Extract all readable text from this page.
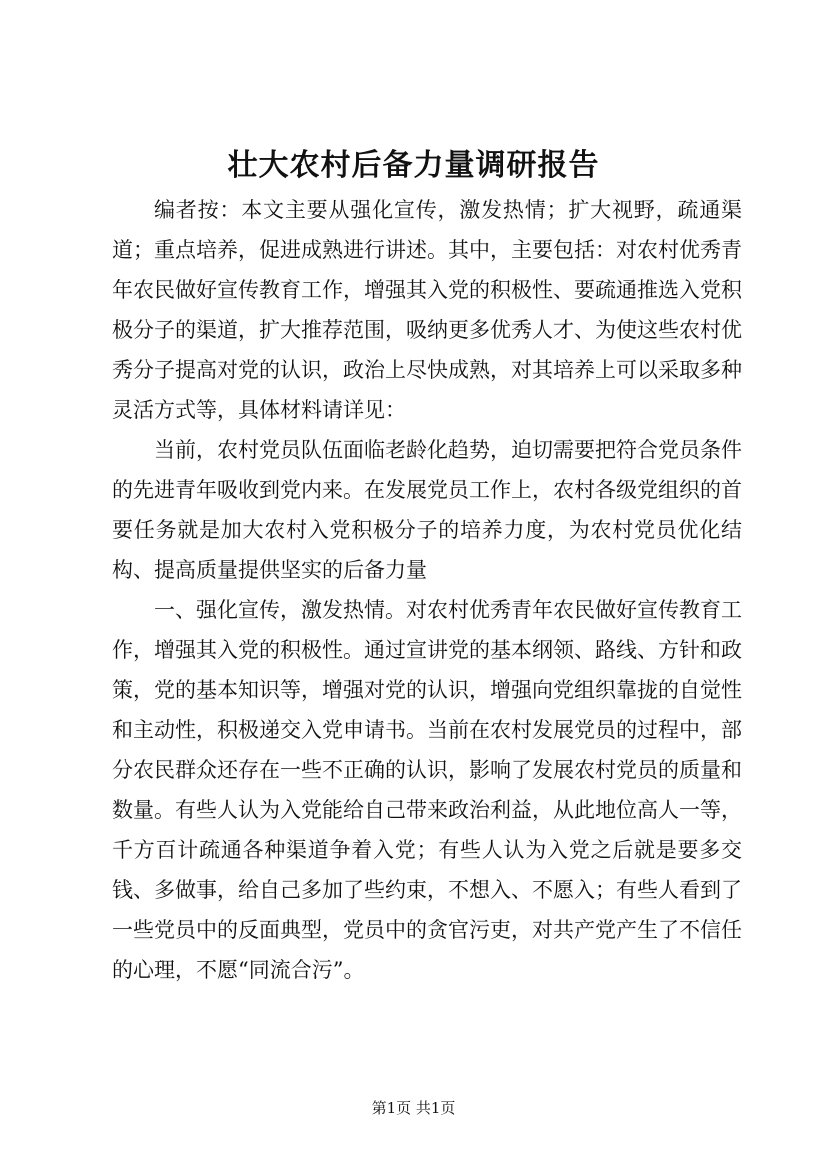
壮大农村后备力量调研报告

编者按：本文主要从强化宣传，激发热情；扩大视野，疏通渠道；重点培养，促进成熟进行讲述。其中，主要包括：对农村优秀青年农民做好宣传教育工作，增强其入党的积极性、要疏通推选入党积极分子的渠道，扩大推荐范围，吸纳更多优秀人才、为使这些农村优秀分子提高对党的认识，政治上尽快成熟，对其培养上可以采取多种灵活方式等，具体材料请详见：

当前，农村党员队伍面临老龄化趋势，迫切需要把符合党员条件的先进青年吸收到党内来。在发展党员工作上，农村各级党组织的首要任务就是加大农村入党积极分子的培养力度，为农村党员优化结构、提高质量提供坚实的后备力量

一、强化宣传，激发热情。对农村优秀青年农民做好宣传教育工作，增强其入党的积极性。通过宣讲党的基本纲领、路线、方针和政策，党的基本知识等，增强对党的认识，增强向党组织靠拢的自觉性和主动性，积极递交入党申请书。当前在农村发展党员的过程中，部分农民群众还存在一些不正确的认识，影响了发展农村党员的质量和数量。有些人认为入党能给自己带来政治利益，从此地位高人一等，千方百计疏通各种渠道争着入党；有些人认为入党之后就是要多交钱、多做事，给自己多加了些约束，不想入、不愿入；有些人看到了一些党员中的反面典型，党员中的贪官污吏，对共产党产生了不信任的心理，不愿“同流合污”。

第1页 共1页
